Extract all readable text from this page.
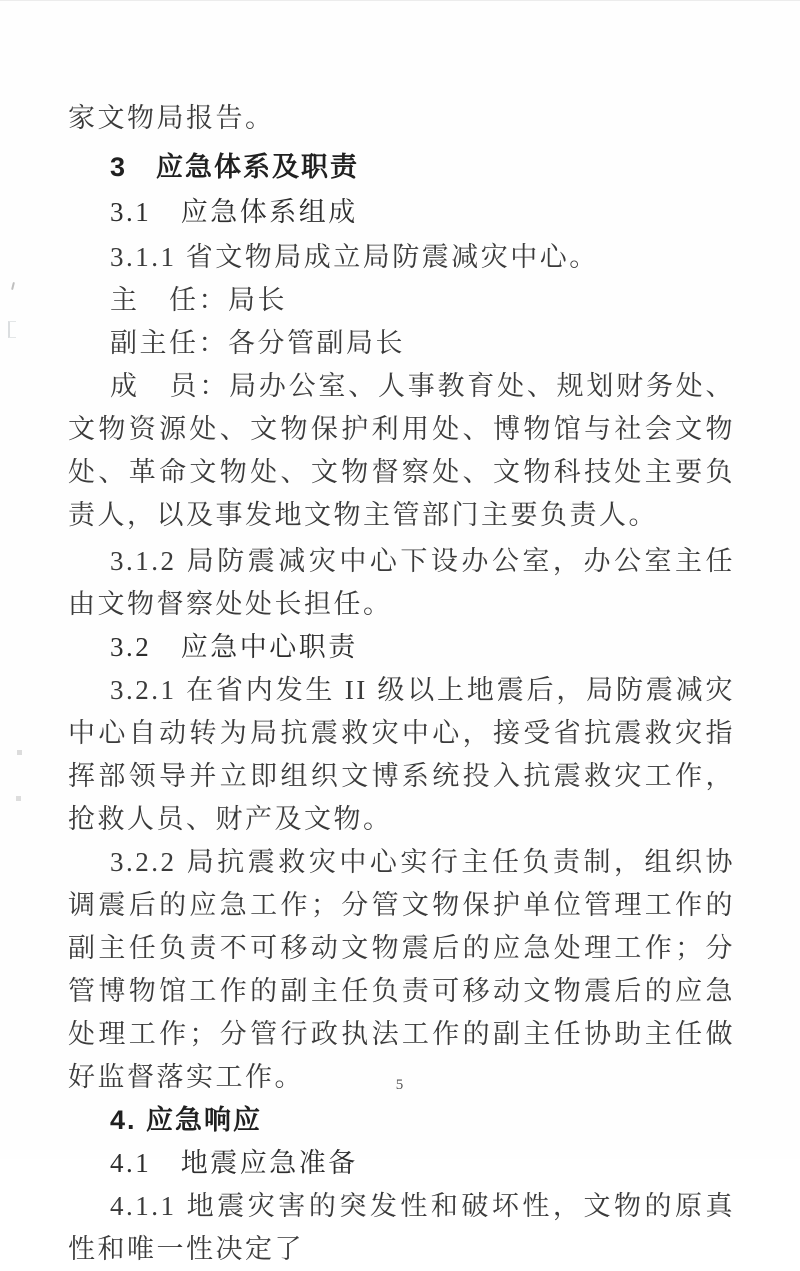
家文物局报告。

3　应急体系及职责

3.1　应急体系组成

3.1.1 省文物局成立局防震减灾中心。

主　任：局长

副主任：各分管副局长

成　员：局办公室、人事教育处、规划财务处、文物资源处、文物保护利用处、博物馆与社会文物处、革命文物处、文物督察处、文物科技处主要负责人，以及事发地文物主管部门主要负责人。

3.1.2 局防震减灾中心下设办公室，办公室主任由文物督察处处长担任。

3.2　应急中心职责

3.2.1 在省内发生 II 级以上地震后，局防震减灾中心自动转为局抗震救灾中心，接受省抗震救灾指挥部领导并立即组织文博系统投入抗震救灾工作，抢救人员、财产及文物。

3.2.2 局抗震救灾中心实行主任负责制，组织协调震后的应急工作；分管文物保护单位管理工作的副主任负责不可移动文物震后的应急处理工作；分管博物馆工作的副主任负责可移动文物震后的应急处理工作；分管行政执法工作的副主任协助主任做好监督落实工作。

4. 应急响应

4.1　地震应急准备

4.1.1 地震灾害的突发性和破坏性，文物的原真性和唯一性决定了

5
